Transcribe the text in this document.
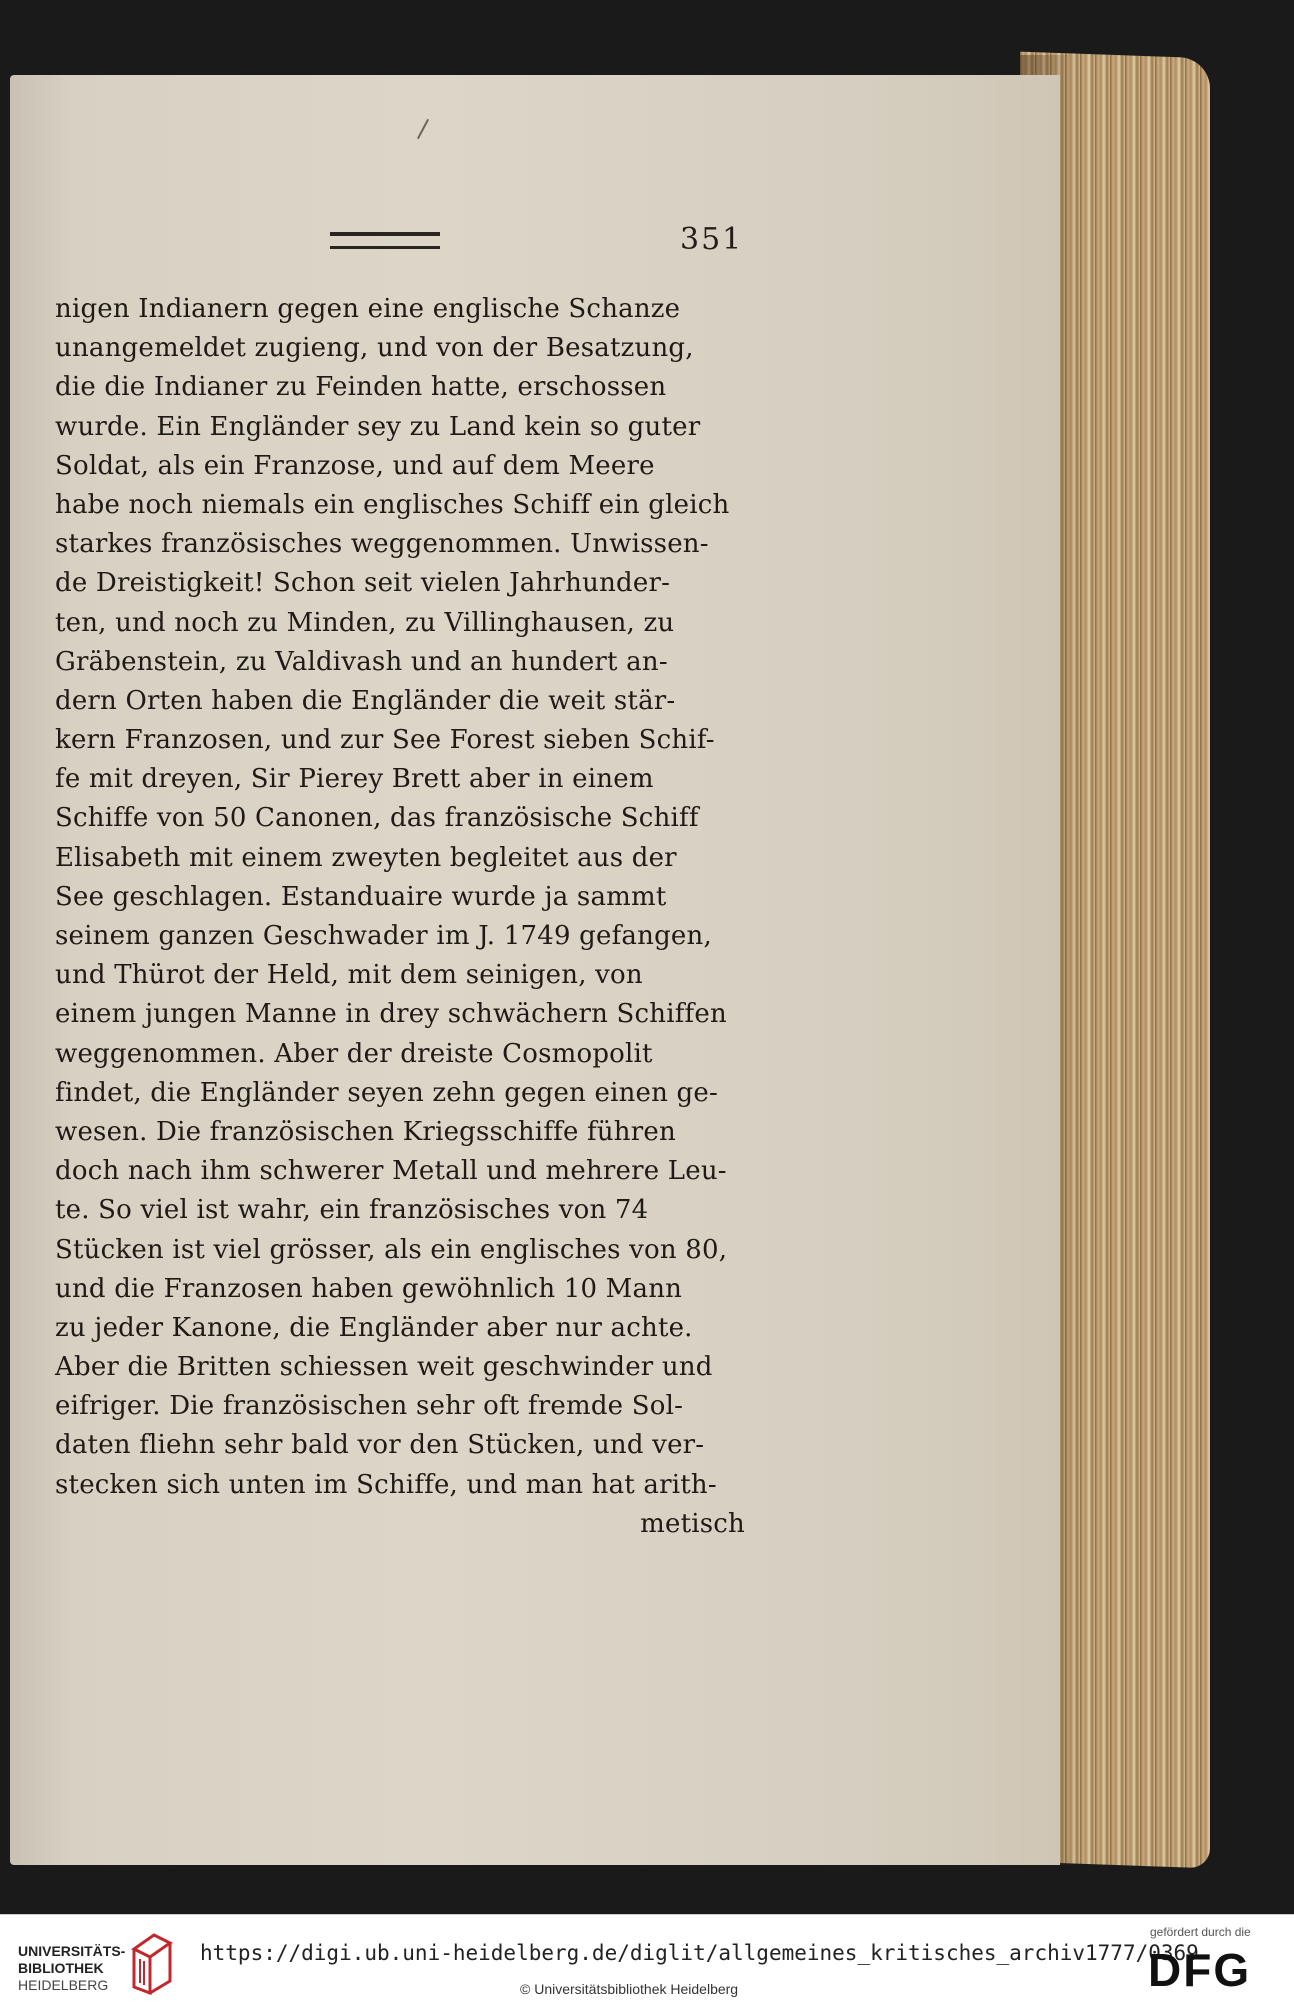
351
nigen Indianern gegen eine englische Schanze
unangemeldet zugieng, und von der Besatzung,
die die Indianer zu Feinden hatte, erschossen
wurde. Ein Engländer sey zu Land kein so guter
Soldat, als ein Franzose, und auf dem Meere
habe noch niemals ein englisches Schiff ein gleich
starkes französisches weggenommen. Unwissen-
de Dreistigkeit! Schon seit vielen Jahrhunder-
ten, und noch zu Minden, zu Villinghausen, zu
Gräbenstein, zu Valdivash und an hundert an-
dern Orten haben die Engländer die weit stär-
kern Franzosen, und zur See Forest sieben Schif-
fe mit dreyen, Sir Pierey Brett aber in einem
Schiffe von 50 Canonen, das französische Schiff
Elisabeth mit einem zweyten begleitet aus der
See geschlagen. Estanduaire wurde ja sammt
seinem ganzen Geschwader im J. 1749 gefangen,
und Thürot der Held, mit dem seinigen, von
einem jungen Manne in drey schwächern Schiffen
weggenommen. Aber der dreiste Cosmopolit
findet, die Engländer seyen zehn gegen einen ge-
wesen. Die französischen Kriegsschiffe führen
doch nach ihm schwerer Metall und mehrere Leu-
te. So viel ist wahr, ein französisches von 74
Stücken ist viel grösser, als ein englisches von 80,
und die Franzosen haben gewöhnlich 10 Mann
zu jeder Kanone, die Engländer aber nur achte.
Aber die Britten schiessen weit geschwinder und
eifriger. Die französischen sehr oft fremde Sol-
daten fliehn sehr bald vor den Stücken, und ver-
stecken sich unten im Schiffe, und man hat arith-
metisch
UNIVERSITÄTS-
BIBLIOTHEK
HEIDELBERG
https://digi.ub.uni-heidelberg.de/diglit/allgemeines_kritisches_archiv1777/0369
© Universitätsbibliothek Heidelberg
gefördert durch die
DFG
